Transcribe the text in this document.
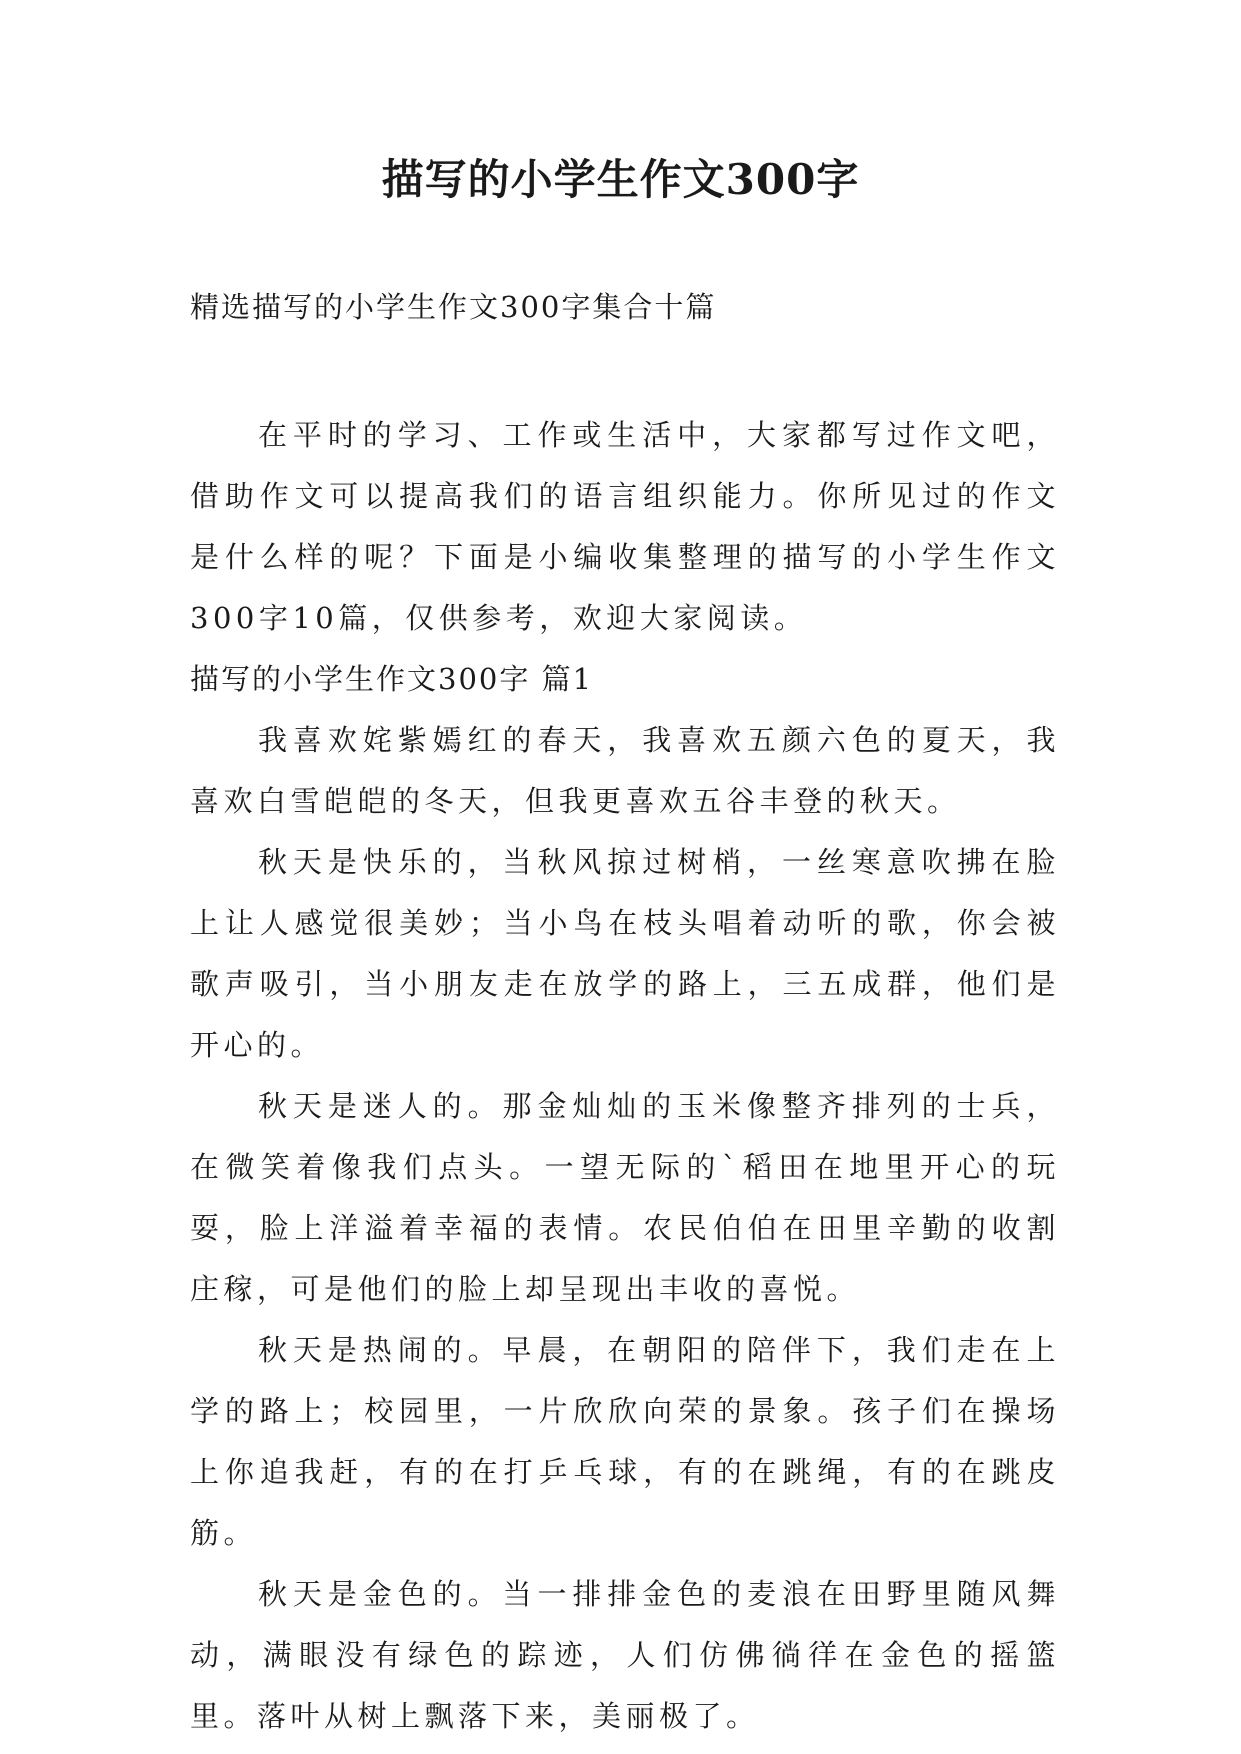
描写的小学生作文300字

精选描写的小学生作文300字集合十篇

在平时的学习、工作或生活中，大家都写过作文吧，借助作文可以提高我们的语言组织能力。你所见过的作文是什么样的呢？下面是小编收集整理的描写的小学生作文300字10篇，仅供参考，欢迎大家阅读。

描写的小学生作文300字 篇1

我喜欢姹紫嫣红的春天，我喜欢五颜六色的夏天，我喜欢白雪皑皑的冬天，但我更喜欢五谷丰登的秋天。

秋天是快乐的，当秋风掠过树梢，一丝寒意吹拂在脸上让人感觉很美妙；当小鸟在枝头唱着动听的歌，你会被歌声吸引，当小朋友走在放学的路上，三五成群，他们是开心的。

秋天是迷人的。那金灿灿的玉米像整齐排列的士兵，在微笑着像我们点头。一望无际的`稻田在地里开心的玩耍，脸上洋溢着幸福的表情。农民伯伯在田里辛勤的收割庄稼，可是他们的脸上却呈现出丰收的喜悦。

秋天是热闹的。早晨，在朝阳的陪伴下，我们走在上学的路上；校园里，一片欣欣向荣的景象。孩子们在操场上你追我赶，有的在打乒乓球，有的在跳绳，有的在跳皮筋。

秋天是金色的。当一排排金色的麦浪在田野里随风舞动，满眼没有绿色的踪迹，人们仿佛徜徉在金色的摇篮里。落叶从树上飘落下来，美丽极了。
